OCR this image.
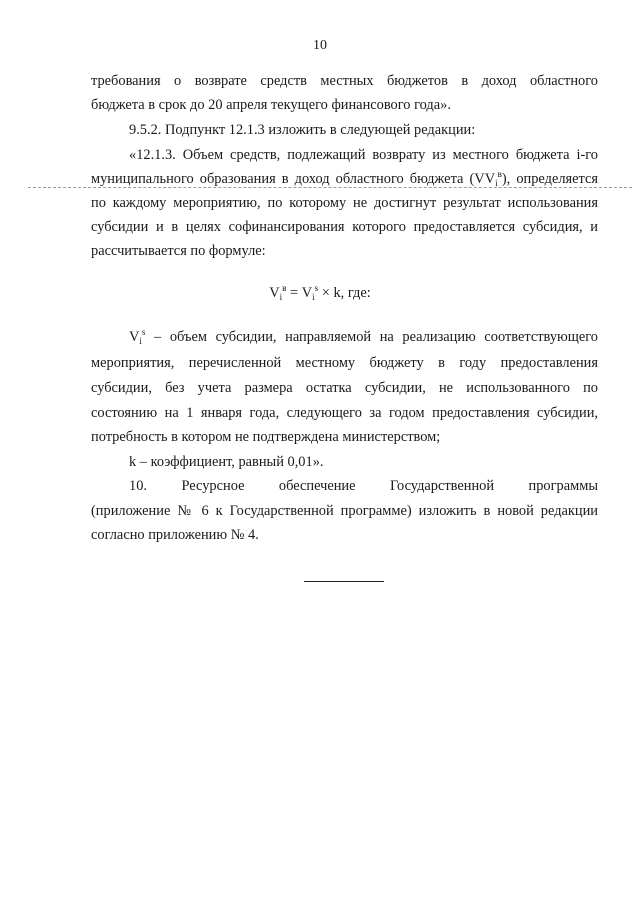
10
требования о возврате средств местных бюджетов в доход областного
бюджета в срок до 20 апреля текущего финансового года».
9.5.2. Подпункт 12.1.3 изложить в следующей редакции:
«12.1.3. Объем средств, подлежащий возврату из местного бюджета i-го
муниципального образования в доход областного бюджета $(VV_i^в)$, определяется
по каждому мероприятию, по которому не достигнут результат использования
субсидии и в целях софинансирования которого предоставляется субсидия, и
рассчитывается по формуле:
$V_i^в = V_i^s \times k$, где:
$V_i^s$ – объем субсидии, направляемой на реализацию соответствующего
мероприятия, перечисленной местному бюджету в году предоставления
субсидии, без учета размера остатка субсидии, не использованного по
состоянию на 1 января года, следующего за годом предоставления субсидии,
потребность в котором не подтверждена министерством;
k – коэффициент, равный 0,01».
10. Ресурсное обеспечение Государственной программы
(приложение № 6 к Государственной программе) изложить в новой редакции
согласно приложению № 4.
